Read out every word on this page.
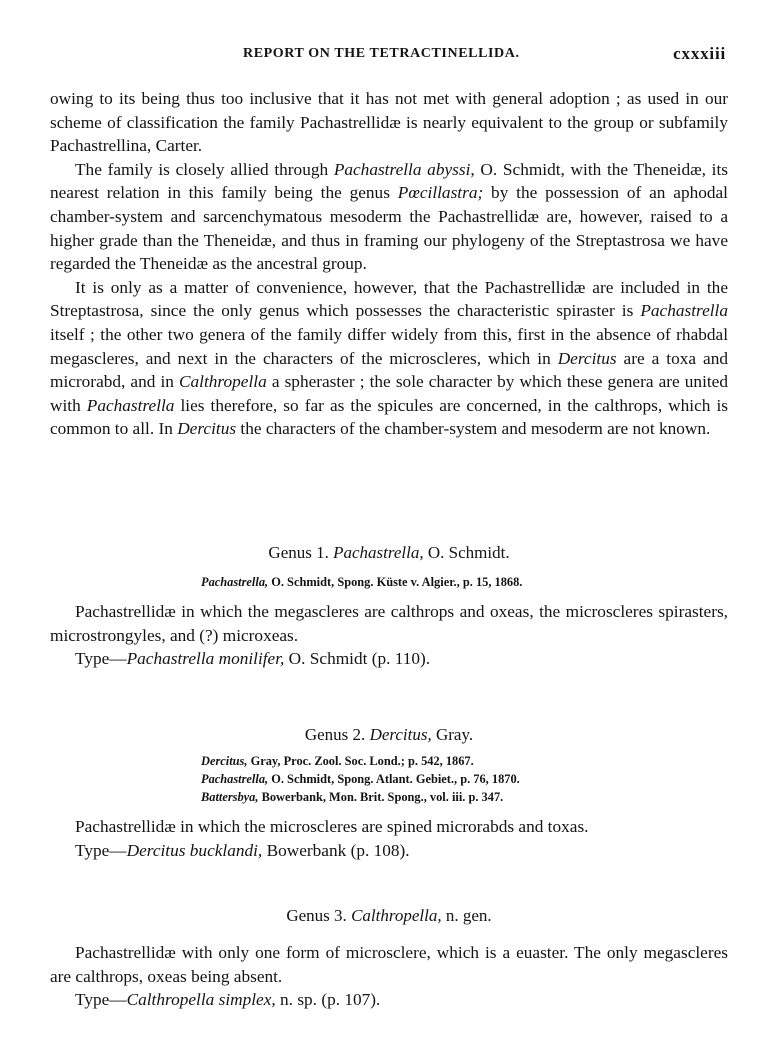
REPORT ON THE TETRACTINELLIDA.	cxxxiii

owing to its being thus too inclusive that it has not met with general adoption ; as used in our scheme of classification the family Pachastrellidæ is nearly equivalent to the group or subfamily Pachastrellina, Carter.

The family is closely allied through Pachastrella abyssi, O. Schmidt, with the Theneidæ, its nearest relation in this family being the genus Pœcillastra; by the possession of an aphodal chamber-system and sarcenchymatous mesoderm the Pachastrellidæ are, however, raised to a higher grade than the Theneidæ, and thus in framing our phylogeny of the Streptastrosa we have regarded the Theneidæ as the ancestral group.

It is only as a matter of convenience, however, that the Pachastrellidæ are included in the Streptastrosa, since the only genus which possesses the characteristic spiraster is Pachastrella itself ; the other two genera of the family differ widely from this, first in the absence of rhabdal megascleres, and next in the characters of the microscleres, which in Dercitus are a toxa and microrabd, and in Calthropella a spheraster ; the sole character by which these genera are united with Pachastrella lies therefore, so far as the spicules are concerned, in the calthrops, which is common to all. In Dercitus the characters of the chamber-system and mesoderm are not known.

Genus 1. Pachastrella, O. Schmidt.
Pachastrella, O. Schmidt, Spong. Küste v. Algier., p. 15, 1868.

Pachastrellidæ in which the megascleres are calthrops and oxeas, the microscleres spirasters, microstrongyles, and (?) microxeas.

Type—Pachastrella monilifer, O. Schmidt (p. 110).

Genus 2. Dercitus, Gray.
Dercitus, Gray, Proc. Zool. Soc. Lond.; p. 542, 1867.
Pachastrella, O. Schmidt, Spong. Atlant. Gebiet., p. 76, 1870.
Battersbya, Bowerbank, Mon. Brit. Spong., vol. iii. p. 347.

Pachastrellidæ in which the microscleres are spined microrabds and toxas.

Type—Dercitus bucklandi, Bowerbank (p. 108).

Genus 3. Calthropella, n. gen.

Pachastrellidæ with only one form of microsclere, which is a euaster. The only megascleres are calthrops, oxeas being absent.

Type—Calthropella simplex, n. sp. (p. 107).
